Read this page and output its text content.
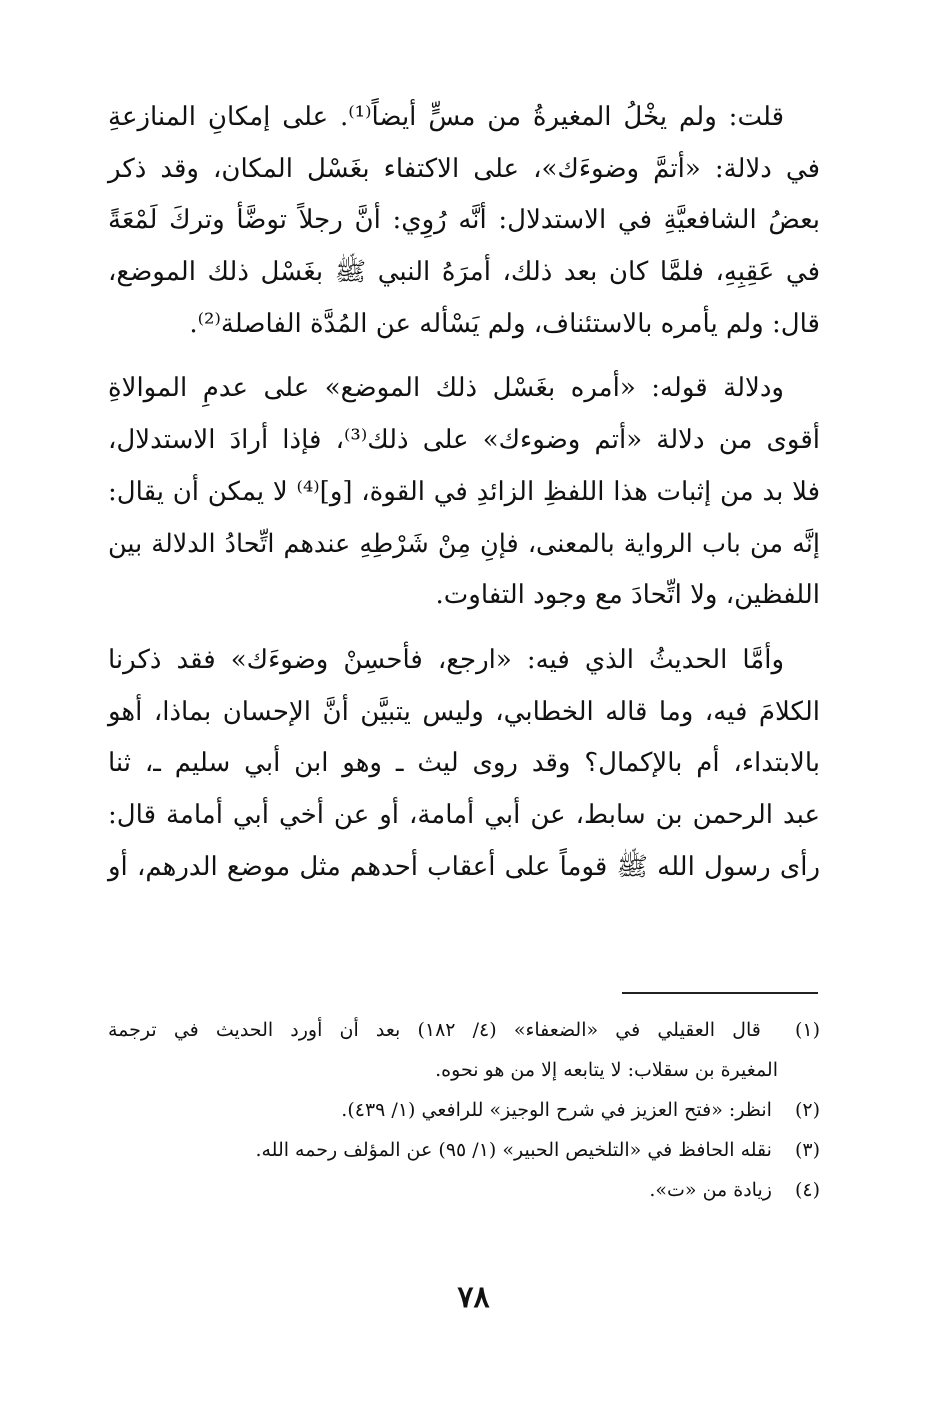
قلت: ولم يخْلُ المغيرةُ من مسٍّ أيضاً⁽¹⁾. على إمكانِ المنازعةِ
في دلالة: «أتمَّ وضوءَك»، على الاكتفاء بغَسْل المكان، وقد ذكر
بعضُ الشافعيَّةِ في الاستدلال: أنَّه رُوِي: أنَّ رجلاً توضَّأ وتركَ لَمْعَةً
في عَقِبِهِ، فلمَّا كان بعد ذلك، أمرَهُ النبي ﷺ بغَسْل ذلك الموضع،
قال: ولم يأمره بالاستئناف، ولم يَسْأله عن المُدَّة الفاصلة⁽²⁾.
ودلالة قوله: «أمره بغَسْل ذلك الموضع» على عدمِ الموالاةِ
أقوى من دلالة «أتم وضوءك» على ذلك⁽³⁾، فإذا أرادَ الاستدلال،
فلا بد من إثبات هذا اللفظِ الزائدِ في القوة، [و]⁽⁴⁾ لا يمكن أن يقال:
إنَّه من باب الرواية بالمعنى، فإنِ مِنْ شَرْطِهِ عندهم اتِّحادُ الدلالة بين
اللفظين، ولا اتِّحادَ مع وجود التفاوت.
وأمَّا الحديثُ الذي فيه: «ارجع، فأحسِنْ وضوءَك» فقد ذكرنا
الكلامَ فيه، وما قاله الخطابي، وليس يتبيَّن أنَّ الإحسان بماذا، أهو
بالابتداء، أم بالإكمال؟ وقد روى ليث ـ وهو ابن أبي سليم ـ، ثنا
عبد الرحمن بن سابط، عن أبي أمامة، أو عن أخي أبي أمامة قال:
رأى رسول الله ﷺ قوماً على أعقاب أحدهم مثل موضع الدرهم، أو
(١) قال العقيلي في «الضعفاء» (٤/ ١٨٢) بعد أن أورد الحديث في ترجمة
المغيرة بن سقلاب: لا يتابعه إلا من هو نحوه.
(٢) انظر: «فتح العزيز في شرح الوجيز» للرافعي (١/ ٤٣٩).
(٣) نقله الحافظ في «التلخيص الحبير» (١/ ٩٥) عن المؤلف رحمه الله.
(٤) زيادة من «ت».
٧٨
